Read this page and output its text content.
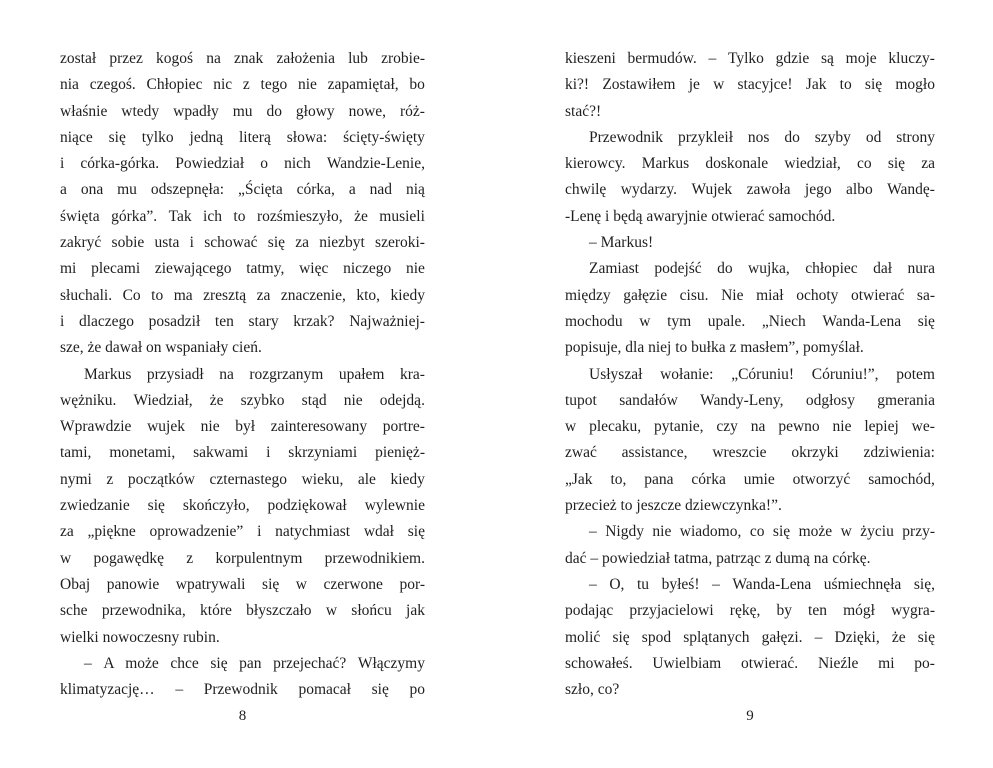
został przez kogoś na znak założenia lub zrobie-
nia czegoś. Chłopiec nic z tego nie zapamiętał, bo
właśnie wtedy wpadły mu do głowy nowe, róż-
niące się tylko jedną literą słowa: ścięty-święty
i córka-górka. Powiedział o nich Wandzie-Lenie,
a ona mu odszepnęła: „Ścięta córka, a nad nią
święta górka”. Tak ich to rozśmieszyło, że musieli
zakryć sobie usta i schować się za niezbyt szeroki-
mi plecami ziewającego tatmy, więc niczego nie
słuchali. Co to ma zresztą za znaczenie, kto, kiedy
i dlaczego posadził ten stary krzak? Najważniej-
sze, że dawał on wspaniały cień.
Markus przysiadł na rozgrzanym upałem kra-
wężniku. Wiedział, że szybko stąd nie odejdą.
Wprawdzie wujek nie był zainteresowany portre-
tami, monetami, sakwami i skrzyniami pienięż-
nymi z początków czternastego wieku, ale kiedy
zwiedzanie się skończyło, podziękował wylewnie
za „piękne oprowadzenie” i natychmiast wdał się
w pogawędkę z korpulentnym przewodnikiem.
Obaj panowie wpatrywali się w czerwone por-
sche przewodnika, które błyszczało w słońcu jak
wielki nowoczesny rubin.
– A może chce się pan przejechać? Włączymy
klimatyzację… – Przewodnik pomacał się po
kieszeni bermudów. – Tylko gdzie są moje kluczy-
ki?! Zostawiłem je w stacyjce! Jak to się mogło
stać?!
Przewodnik przykleił nos do szyby od strony
kierowcy. Markus doskonale wiedział, co się za
chwilę wydarzy. Wujek zawoła jego albo Wandę-
-Lenę i będą awaryjnie otwierać samochód.
– Markus!
Zamiast podejść do wujka, chłopiec dał nura
między gałęzie cisu. Nie miał ochoty otwierać sa-
mochodu w tym upale. „Niech Wanda-Lena się
popisuje, dla niej to bułka z masłem”, pomyślał.
Usłyszał wołanie: „Córuniu! Córuniu!”, potem
tupot sandałów Wandy-Leny, odgłosy gmerania
w plecaku, pytanie, czy na pewno nie lepiej we-
zwać assistance, wreszcie okrzyki zdziwienia:
„Jak to, pana córka umie otworzyć samochód,
przecież to jeszcze dziewczynka!”.
– Nigdy nie wiadomo, co się może w życiu przy-
dać – powiedział tatma, patrząc z dumą na córkę.
– O, tu byłeś! – Wanda-Lena uśmiechnęła się,
podając przyjacielowi rękę, by ten mógł wygra-
molić się spod splątanych gałęzi. – Dzięki, że się
schowałeś. Uwielbiam otwierać. Nieźle mi po-
szło, co?
8	9
